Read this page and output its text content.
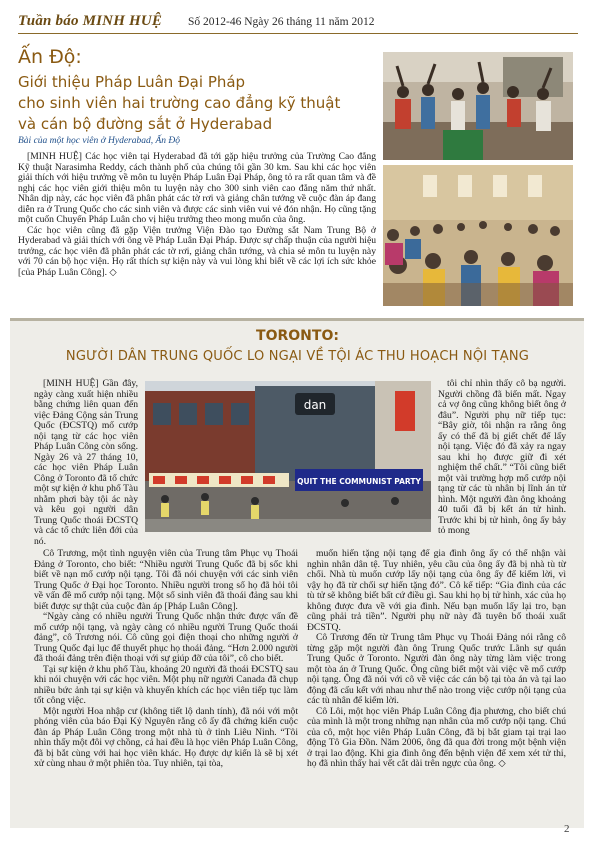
Tuần báo MINH HUỆ Số 2012-46 Ngày 26 tháng 11 năm 2012
Ấn Độ:
Giới thiệu Pháp Luân Đại Pháp
cho sinh viên hai trường cao đẳng kỹ thuật
và cán bộ đường sắt ở Hyderabad
Bài của một học viên ở Hyderabad, Ấn Độ

[MINH HUỆ] Các học viên tại Hyderabad đã tới gặp hiệu trưởng của Trường Cao đẳng Kỹ thuật Narasimha Reddy, cách thành phố của chúng tôi gần 30 km. Sau khi các học viên giải thích với hiệu trưởng về môn tu luyện Pháp Luân Đại Pháp, ông tỏ ra rất quan tâm và đề nghị các học viên giới thiệu môn tu luyện này cho 300 sinh viên cao đẳng năm thứ nhất. Nhân dịp này, các học viên đã phân phát các tờ rơi và giảng chân tướng về cuộc đàn áp đang diễn ra ở Trung Quốc cho các sinh viên và được các sinh viên vui vẻ đón nhận. Họ cũng tặng một cuốn Chuyển Pháp Luân cho vị hiệu trưởng theo mong muốn của ông.

Các học viên cũng đã gặp Viện trưởng Viện Đào tạo Đường sắt Nam Trung Bộ ở Hyderabad và giải thích với ông về Pháp Luân Đại Pháp. Được sự chấp thuận của người hiệu trưởng, các học viên đã phân phát các tờ rơi, giảng chân tướng, và chia sẻ môn tu luyện này với 70 cán bộ học viện. Họ rất thích sự kiện này và vui lòng khi biết về các lợi ích sức khỏe [của Pháp Luân Công]. ◇

TORONTO:
NGƯỜI DÂN TRUNG QUỐC LO NGẠI VỀ TỘI ÁC THU HOẠCH NỘI TẠNG

[MINH HUỆ] Gần đây, ngày càng xuất hiện nhiều bằng chứng liên quan đến việc Đảng Cộng sản Trung Quốc (ĐCSTQ) mổ cướp nội tạng từ các học viên Pháp Luân Công còn sống. Ngày 26 và 27 tháng 10, các học viên Pháp Luân Công ở Toronto đã tổ chức một sự kiện ở khu phố Tàu nhằm phơi bày tội ác này và kêu gọi người dân Trung Quốc thoái ĐCSTQ và các tổ chức liên đới của nó.

dan
QUIT THE COMMUNIST PARTY

tôi chỉ nhìn thấy cô bạ người. Người chồng đã biến mất. Ngay cả vợ ông cũng không biết ông ở đâu”. Người phụ nữ tiếp tục: “Bây giờ, tôi nhận ra rằng ông ấy có thể đã bị giết chết để lấy nội tạng. Việc đó đã xảy ra ngay sau khi họ được giữ đi xét nghiệm thể chất.” “Tôi cũng biết một vài trường hợp mổ cướp nội tạng từ các tù nhân bị lĩnh án tử hình. Một người đàn ông khoảng 40 tuổi đã bị kết án tử hình. Trước khi bị tử hình, ông ấy bảy tỏ mong

Cô Trương, một tình nguyện viên của Trung tâm Phục vụ Thoái Đảng ở Toronto, cho biết: “Nhiều người Trung Quốc đã bị sốc khi biết về nạn mổ cướp nội tạng. Tôi đã nói chuyện với các sinh viên Trung Quốc ở Đại học Toronto. Nhiều người trong số họ đã hỏi tôi về vấn đề mổ cướp nội tạng. Một số sinh viên đã thoái đảng sau khi biết được sự thật của cuộc đàn áp [Pháp Luân Công].

“Ngày càng có nhiều người Trung Quốc nhận thức được vấn đề mổ cướp nội tạng, và ngày càng có nhiều người Trung Quốc thoái đảng”, cô Trương nói. Cô cũng gọi điện thoại cho những người ở Trung Quốc đại lục để thuyết phục họ thoái đảng. “Hơn 2.000 người đã thoái đảng trên điện thoại với sự giúp đỡ của tôi”, cô cho biết.

Tại sự kiện ở khu phố Tàu, khoảng 20 người đã thoái ĐCSTQ sau khi nói chuyện với các học viên. Một phụ nữ người Canada đã chụp nhiều bức ảnh tại sự kiện và khuyến khích các học viên tiếp tục làm tốt công việc.

Một người Hoa nhập cư (không tiết lộ danh tính), đã nói với một phóng viên của báo Đại Kỷ Nguyên rằng cô ấy đã chứng kiến cuộc đàn áp Pháp Luân Công trong một nhà tù ở tỉnh Liêu Ninh. “Tôi nhìn thấy một đôi vợ chồng, cả hai đều là học viên Pháp Luân Công, đã bị bắt cùng với hai học viên khác. Họ được dự kiến là sẽ bị xét xử cùng nhau ở một phiên tòa. Tuy nhiên, tại tòa,

muốn hiến tặng nội tạng để gia đình ông ấy có thể nhận vài nghìn nhân dân tệ. Tuy nhiên, yêu cầu của ông ấy đã bị nhà tù từ chối. Nhà tù muốn cướp lấy nội tạng của ông ấy để kiếm lời, vì vậy họ đã từ chối sự hiến tặng đó”. Cô kể tiếp: “Gia đình của các tù tử sẽ không biết bất cứ điều gì. Sau khi họ bị tử hình, xác của họ không được đưa về với gia đình. Nếu bạn muốn lấy lại tro, bạn cũng phải trả tiền”. Người phụ nữ này đã tuyên bố thoái xuất ĐCSTQ.

Cô Trương đến từ Trung tâm Phục vụ Thoái Đảng nói rằng cô từng gặp một người đàn ông Trung Quốc trước Lãnh sự quán Trung Quốc ở Toronto. Người đàn ông này từng làm việc trong một tòa án ở Trung Quốc. Ông cũng biết một vài việc về mổ cướp nội tạng. Ông đã nói với cô về việc các cán bộ tại tòa án và tại lao động đã cấu kết với nhau như thế nào trong việc cướp nội tạng của các tù nhân để kiếm lời.

Cô Lôi, một học viên Pháp Luân Công địa phương, cho biết chú của mình là một trong những nạn nhân của mổ cướp nội tạng. Chú của cô, một học viên Pháp Luân Công, đã bị bắt giam tại trại lao động Tô Gia Đồn. Năm 2006, ông đã qua đời trong một bệnh viện ở trại lao động. Khi gia đình ông đến bệnh viện để xem xét tử thi, họ đã nhìn thấy hai vết cắt dài trên ngực của ông. ◇

2
